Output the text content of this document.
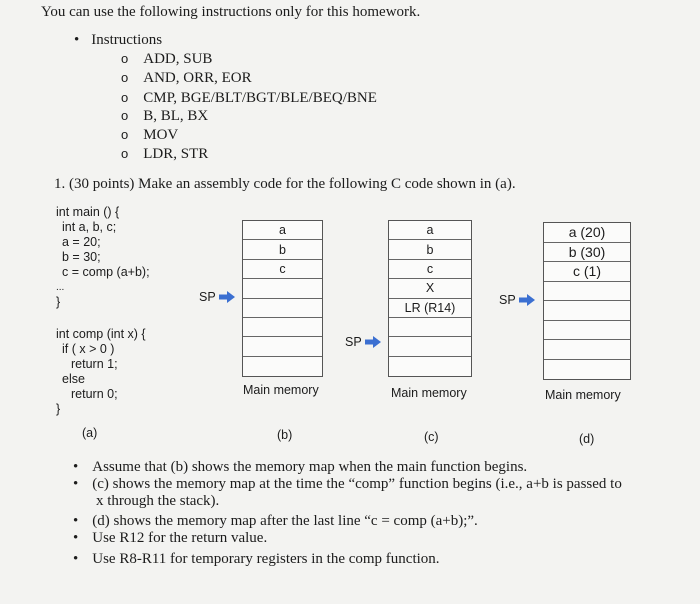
You can use the following instructions only for this homework.
• Instructions
o ADD, SUB
o AND, ORR, EOR
o CMP, BGE/BLT/BGT/BLE/BEQ/BNE
o B, BL, BX
o MOV
o LDR, STR
1. (30 points) Make an assembly code for the following C code shown in (a).
int main () {
int a, b, c;
a = 20;
b = 30;
c = comp (a+b);
...
}
int comp (int x) {
if ( x > 0 )
return 1;
else
return 0;
}
a
b
c
SP
Main memory
a
b
c
X
LR (R14)
SP
Main memory
a (20)
b (30)
c (1)
SP
Main memory
(a)	(b)	(c)	(d)
• Assume that (b) shows the memory map when the main function begins.
• (c) shows the memory map at the time the “comp” function begins (i.e., a+b is passed to
x through the stack).
• (d) shows the memory map after the last line “c = comp (a+b);”.
• Use R12 for the return value.
• Use R8-R11 for temporary registers in the comp function.
